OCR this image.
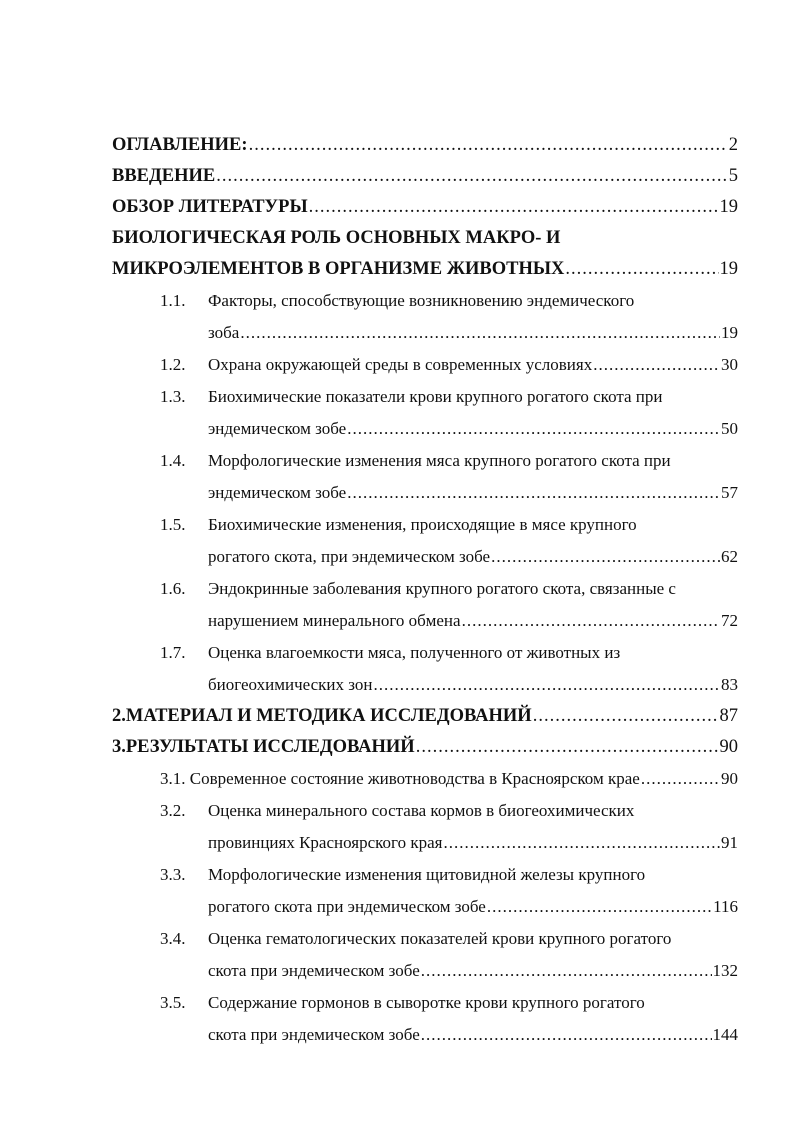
ОГЛАВЛЕНИЕ: .....	2
ВВЕДЕНИЕ .....	5
ОБЗОР ЛИТЕРАТУРЫ .....	19
БИОЛОГИЧЕСКАЯ РОЛЬ ОСНОВНЫХ МАКРО- И
МИКРОЭЛЕМЕНТОВ В ОРГАНИЗМЕ ЖИВОТНЫХ .....	19
1.1.	Факторы, способствующие возникновению эндемического
зоба .....	19
1.2.	Охрана окружающей среды в современных условиях .....	30
1.3.	Биохимические показатели крови крупного рогатого скота при
эндемическом зобе .....	50
1.4.	Морфологические изменения мяса крупного рогатого скота при
эндемическом зобе .....	57
1.5.	Биохимические изменения, происходящие в мясе крупного
рогатого скота, при эндемическом зобе .....	62
1.6.	Эндокринные заболевания крупного рогатого скота, связанные с
нарушением минерального обмена .....	72
1.7.	Оценка влагоемкости мяса, полученного от животных из
биогеохимических зон .....	83
2.МАТЕРИАЛ И МЕТОДИКА ИССЛЕДОВАНИЙ .....	87
3.РЕЗУЛЬТАТЫ ИССЛЕДОВАНИЙ .....	90
3.1. Современное состояние животноводства в Красноярском крае .....	90
3.2.	Оценка минерального состава кормов в биогеохимических
провинциях Красноярского края .....	91
3.3.	Морфологические изменения щитовидной железы крупного
рогатого скота при эндемическом зобе .....	116
3.4.	Оценка гематологических показателей крови крупного рогатого
скота при эндемическом зобе .....	132
3.5.	Содержание гормонов в сыворотке крови крупного рогатого
скота при эндемическом зобе .....	144
